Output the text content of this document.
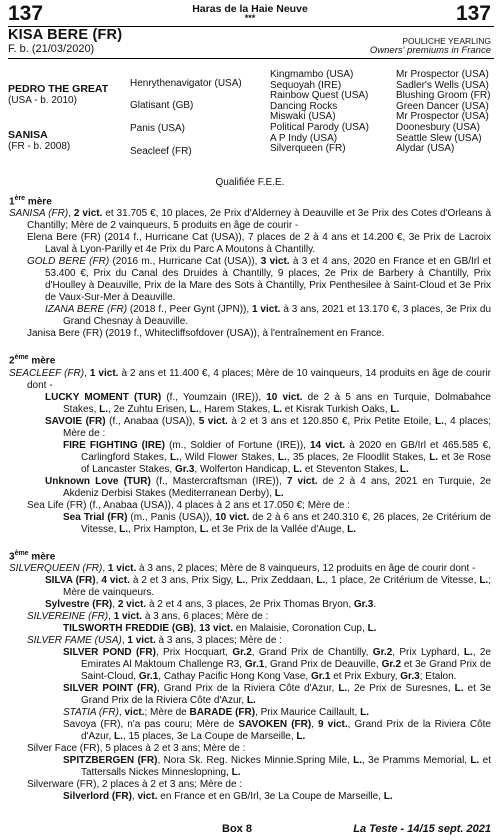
137	137
Haras de la Haie Neuve
***
KISA BERE (FR)
F. b. (21/03/2020)
POULICHE YEARLING
Owners' premiums in France
PEDRO THE GREAT
(USA - b. 2010)
SANISA
(FR - b. 2008)
Henrythenavigator (USA)
Glatisant (GB)
Panis (USA)
Seacleef (FR)
Kingmambo (USA)
Sequoyah (IRE)
Rainbow Quest (USA)
Dancing Rocks
Miswaki (USA)
Political Parody (USA)
A P Indy (USA)
Silverqueen (FR)
Mr Prospector (USA)
Sadler's Wells (USA)
Blushing Groom (FR)
Green Dancer (USA)
Mr Prospector (USA)
Doonesbury (USA)
Seattle Slew (USA)
Alydar (USA)
Qualifiée F.E.E.

1ère mère

SANISA (FR), 2 vict. et 31.705 €, 10 places, 2e Prix d'Alderney à Deauville et 3e Prix des Cotes d'Orleans à Chantilly; Mère de 2 vainqueurs, 5 produits en âge de courir -

Elena Bere (FR) (2014 f., Hurricane Cat (USA)), 7 places de 2 à 4 ans et 14.200 €, 3e Prix de Lacroix Laval à Lyon-Parilly et 4e Prix du Parc A Moutons à Chantilly.

GOLD BERE (FR) (2016 m., Hurricane Cat (USA)), 3 vict. à 3 et 4 ans, 2020 en France et en GB/Irl et 53.400 €, Prix du Canal des Druides à Chantilly, 9 places, 2e Prix de Barbery à Chantilly, Prix d'Houlley à Deauville, Prix de la Mare des Sots à Chantilly, Prix Penthesilee à Saint-Cloud et 3e Prix de Vaux-Sur-Mer à Deauville.

IZANA BERE (FR) (2018 f., Peer Gynt (JPN)), 1 vict. à 3 ans, 2021 et 13.170 €, 3 places, 3e Prix du Grand Chesnay à Deauville.

Janisa Bere (FR) (2019 f., Whitecliffsofdover (USA)), à l'entraînement en France.

2ème mère

SEACLEEF (FR), 1 vict. à 2 ans et 11.400 €, 4 places; Mère de 10 vainqueurs, 14 produits en âge de courir dont -

LUCKY MOMENT (TUR) (f., Youmzain (IRE)), 10 vict. de 2 à 5 ans en Turquie, Dolmabahce Stakes, L., 2e Zuhtu Erisen, L., Harem Stakes, L. et Kisrak Turkish Oaks, L.

SAVOIE (FR) (f., Anabaa (USA)), 5 vict. à 2 et 3 ans et 120.850 €, Prix Petite Etoile, L., 4 places; Mère de :

FIRE FIGHTING (IRE) (m., Soldier of Fortune (IRE)), 14 vict. à 2020 en GB/Irl et 465.585 €, Carlingford Stakes, L., Wild Flower Stakes, L., 35 places, 2e Floodlit Stakes, L. et 3e Rose of Lancaster Stakes, Gr.3, Wolferton Handicap, L. et Steventon Stakes, L.

Unknown Love (TUR) (f., Mastercraftsman (IRE)), 7 vict. de 2 à 4 ans, 2021 en Turquie, 2e Akdeniz Derbisi Stakes (Mediterranean Derby), L.

Sea Life (FR) (f., Anabaa (USA)), 4 places à 2 ans et 17.050 €; Mère de :

Sea Trial (FR) (m., Panis (USA)), 10 vict. de 2 à 6 ans et 240.310 €, 26 places, 2e Critérium de Vitesse, L., Prix Hampton, L. et 3e Prix de la Vallée d'Auge, L.

3ème mère

SILVERQUEEN (FR), 1 vict. à 3 ans, 2 places; Mère de 8 vainqueurs, 12 produits en âge de courir dont -

SILVA (FR), 4 vict. à 2 et 3 ans, Prix Sigy, L., Prix Zeddaan, L., 1 place, 2e Critérium de Vitesse, L.; Mère de vainqueurs.

Sylvestre (FR), 2 vict. à 2 et 4 ans, 3 places, 2e Prix Thomas Bryon, Gr.3.

SILVEREINE (FR), 1 vict. à 3 ans, 6 places; Mère de :

TILSWORTH FREDDIE (GB), 13 vict. en Malaisie, Coronation Cup, L.

SILVER FAME (USA), 1 vict. à 3 ans, 3 places; Mère de :

SILVER POND (FR), Prix Hocquart, Gr.2, Grand Prix de Chantilly, Gr.2, Prix Lyphard, L., 2e Emirates Al Maktoum Challenge R3, Gr.1, Grand Prix de Deauville, Gr.2 et 3e Grand Prix de Saint-Cloud, Gr.1, Cathay Pacific Hong Kong Vase, Gr.1 et Prix Exbury, Gr.3; Etalon.

SILVER POINT (FR), Grand Prix de la Riviera Côte d'Azur, L., 2e Prix de Suresnes, L. et 3e Grand Prix de la Riviera Côte d'Azur, L.

STATIA (FR), vict.; Mère de BARADE (FR), Prix Maurice Caillault, L.

Savoya (FR), n'a pas couru; Mère de SAVOKEN (FR), 9 vict., Grand Prix de la Riviera Côte d'Azur, L., 15 places, 3e La Coupe de Marseille, L.

Silver Face (FR), 5 places à 2 et 3 ans; Mère de :

SPITZBERGEN (FR), Nora Sk. Reg. Nickes Minnie.Spring Mile, L., 3e Pramms Memorial, L. et Tattersalls Nickes Minneslopning, L.

Silverware (FR), 2 places à 2 et 3 ans; Mère de :

Silverlord (FR), vict. en France et en GB/Irl, 3e La Coupe de Marseille, L.

Box 8	La Teste - 14/15 sept. 2021
